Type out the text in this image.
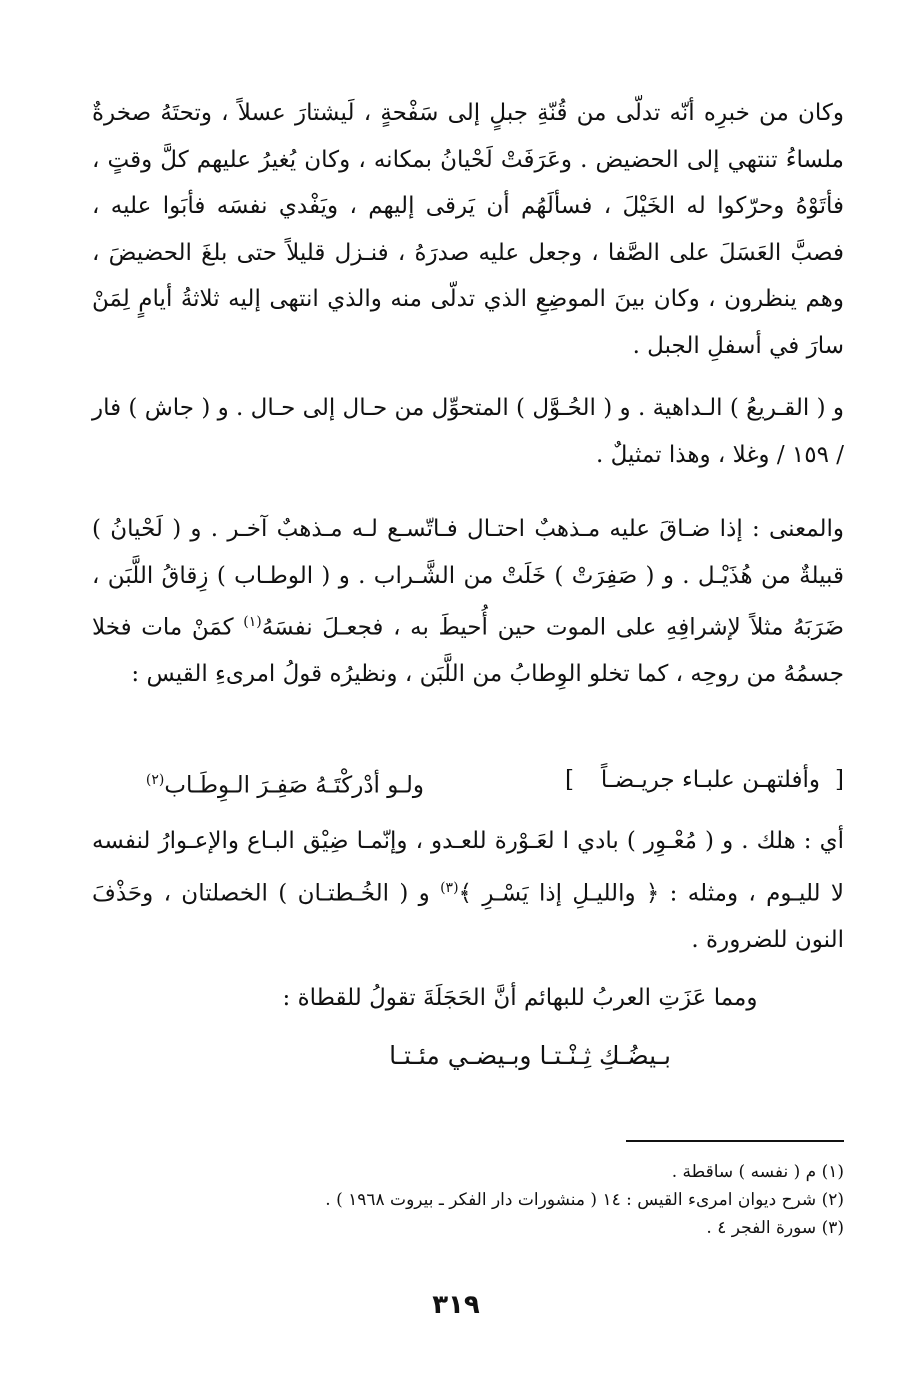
وكان من خبرِه أنّه تدلّى من قُنّةِ جبلٍ إلى سَفْحةٍ ، لَيشتارَ عسلاً ، وتحتَهُ صخرةٌ ملساءُ تنتهي إلى الحضيض . وعَرَفَتْ لَحْيانُ بمكانه ، وكان يُغيرُ عليهم كلَّ وقتٍ ، فأتَوْهُ وحرّكوا له الخَيْلَ ، فسألَهُم أن يَرقى إليهم ، ويَفْدي نفسَه فأبَوا عليه ، فصبَّ العَسَلَ على الصَّفا ، وجعل عليه صدرَهُ ، فنـزل قليلاً حتى بلغَ الحضيضَ ، وهم ينظرون ، وكان بينَ الموضِعِ الذي تدلّى منه والذي انتهى إليه ثلاثةُ أيامٍ لِمَنْ سارَ في أسفلِ الجبل .

و ( القـريعُ ) الـداهية . و ( الحُـوَّل ) المتحوِّل من حـال إلى حـال . و ( جاش ) فار / ١٥٩ / وغلا ، وهذا تمثيلٌ .

والمعنى : إذا ضـاقَ عليه مـذهبٌ احتـال فـاتّسـع لـه مـذهبٌ آخـر . و ( لَحْيانُ ) قبيلةٌ من هُذَيْـل . و ( صَفِرَتْ ) خَلَتْ من الشَّـراب . و ( الوطـاب ) زِقاقُ اللَّبَن ، ضَرَبَهُ مثلاً لإشرافِهِ على الموت حين أُحيطَ به ، فجعـلَ نفسَهُ$^{(١)}$ كمَنْ مات فخلا جسمُهُ من روحِه ، كما تخلو الوِطابُ من اللَّبَن ، ونظيرُه قولُ امرىءِ القيس :

[
وأفلتهـن علبـاء جريـضـاً
]
ولـو أدْركْتَـهُ صَفِـرَ الـوِطَـاب$^{(٢)}$

أي : هلك . و ( مُعْـوِر ) بادي ا لعَـوْرة للعـدو ، وإنّمـا ضِيْق البـاع والإعـوارُ لنفسه لا لليـوم ، ومثله : ﴿ والليـلِ إذا يَسْـرِ ﴾$^{(٣)}$ و ( الخُـطتـان ) الخصلتان ، وحَذْفَ النون للضرورة .

ومما عَزَتِ العربُ للبهائم أنَّ الحَجَلَةَ تقولُ للقطاة :
بـيضُـكِ ثِـنْـتـا وبـيضـي مئـتـا
(١) م ( نفسه ) ساقطة .
(٢) شرح ديوان امرىء القيس : ١٤ ( منشورات دار الفكر ـ بيروت ١٩٦٨ ) .
(٣) سورة الفجر ٤ .
٣١٩
